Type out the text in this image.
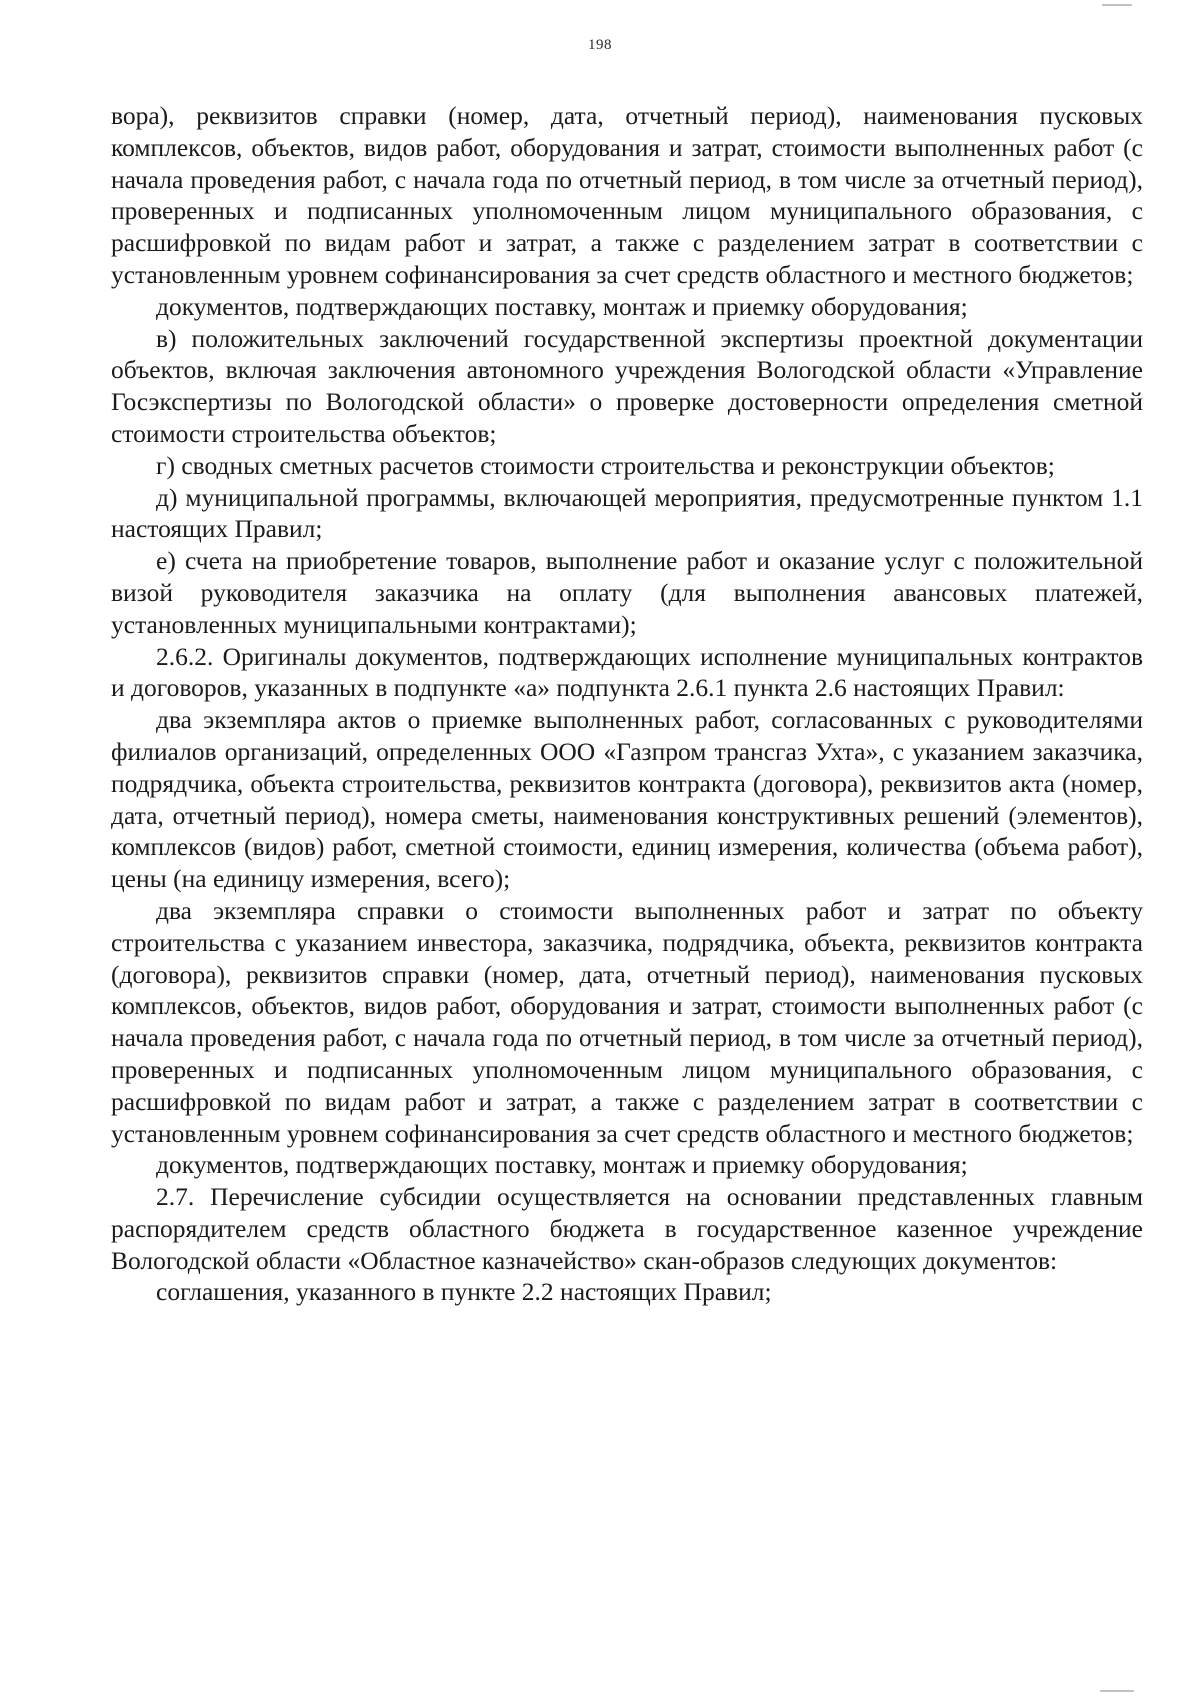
198

вора), реквизитов справки (номер, дата, отчетный период), наименования пусковых комплексов, объектов, видов работ, оборудования и затрат, стоимости выполненных работ (с начала проведения работ, с начала года по отчетный период, в том числе за отчетный период), проверенных и подписанных уполномоченным лицом муниципального образования, с расшифровкой по видам работ и затрат, а также с разделением затрат в соответствии с установленным уровнем софинансирования за счет средств областного и местного бюджетов;

документов, подтверждающих поставку, монтаж и приемку оборудования;

в) положительных заключений государственной экспертизы проектной документации объектов, включая заключения автономного учреждения Вологодской области «Управление Госэкспертизы по Вологодской области» о проверке достоверности определения сметной стоимости строительства объектов;

г) сводных сметных расчетов стоимости строительства и реконструкции объектов;

д) муниципальной программы, включающей мероприятия, предусмотренные пунктом 1.1 настоящих Правил;

е) счета на приобретение товаров, выполнение работ и оказание услуг с положительной визой руководителя заказчика на оплату (для выполнения авансовых платежей, установленных муниципальными контрактами);

2.6.2. Оригиналы документов, подтверждающих исполнение муниципальных контрактов и договоров, указанных в подпункте «а» подпункта 2.6.1 пункта 2.6 настоящих Правил:

два экземпляра актов о приемке выполненных работ, согласованных с руководителями филиалов организаций, определенных ООО «Газпром трансгаз Ухта», с указанием заказчика, подрядчика, объекта строительства, реквизитов контракта (договора), реквизитов акта (номер, дата, отчетный период), номера сметы, наименования конструктивных решений (элементов), комплексов (видов) работ, сметной стоимости, единиц измерения, количества (объема работ), цены (на единицу измерения, всего);

два экземпляра справки о стоимости выполненных работ и затрат по объекту строительства с указанием инвестора, заказчика, подрядчика, объекта, реквизитов контракта (договора), реквизитов справки (номер, дата, отчетный период), наименования пусковых комплексов, объектов, видов работ, оборудования и затрат, стоимости выполненных работ (с начала проведения работ, с начала года по отчетный период, в том числе за отчетный период), проверенных и подписанных уполномоченным лицом муниципального образования, с расшифровкой по видам работ и затрат, а также с разделением затрат в соответствии с установленным уровнем софинансирования за счет средств областного и местного бюджетов;

документов, подтверждающих поставку, монтаж и приемку оборудования;

2.7. Перечисление субсидии осуществляется на основании представленных главным распорядителем средств областного бюджета в государственное казенное учреждение Вологодской области «Областное казначейство» скан-образов следующих документов:

соглашения, указанного в пункте 2.2 настоящих Правил;
